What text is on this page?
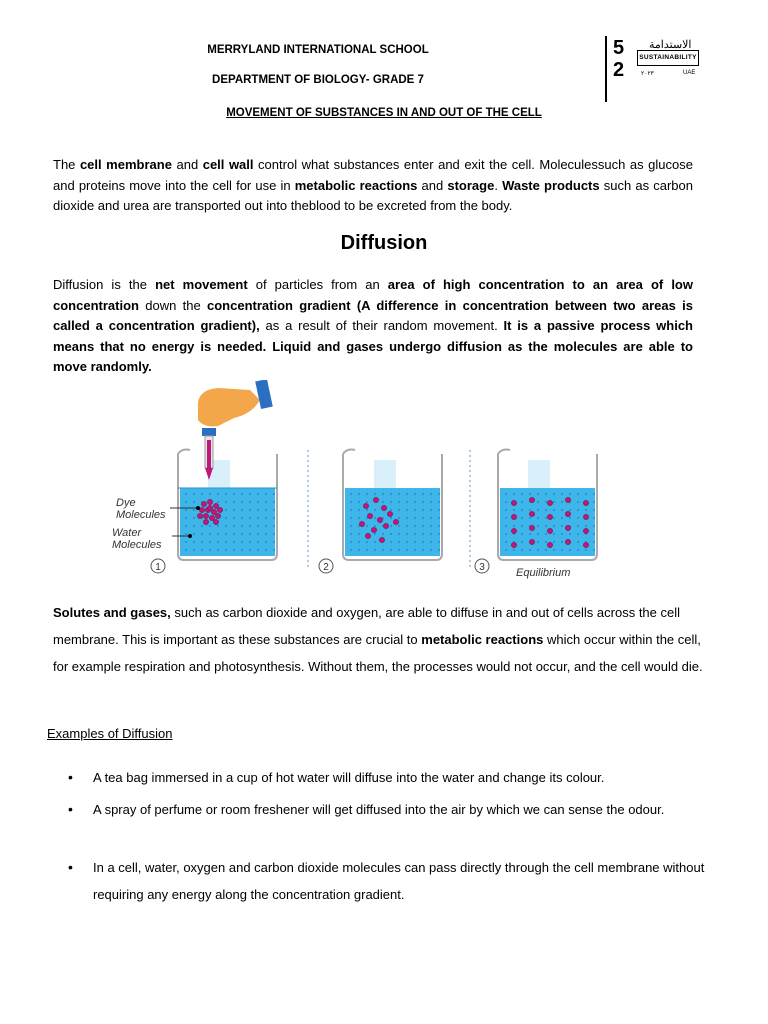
MERRYLAND INTERNATIONAL SCHOOL
DEPARTMENT OF BIOLOGY- GRADE 7
MOVEMENT OF SUBSTANCES IN AND OUT OF THE CELL
5
2
الاستدامة
SUSTAINABILITY
٢٠٢٣	UAE
The cell membrane and cell wall control what substances enter and exit the cell. Moleculessuch as glucose and proteins move into the cell for use in metabolic reactions and storage. Waste products such as carbon dioxide and urea are transported out into theblood to be excreted from the body.
Diffusion
Diffusion is the net movement of particles from an area of high concentration to an area of low concentration down the concentration gradient (A difference in concentration between two areas is called a concentration gradient), as a result of their random movement. It is a passive process which means that no energy is needed. Liquid and gases undergo diffusion as the molecules are able to move randomly.
Dye
Molecules
Water
Molecules
1	2	3	Equilibrium
Solutes and gases, such as carbon dioxide and oxygen, are able to diffuse in and out of cells across the cell membrane. This is important as these substances are crucial to metabolic reactions which occur within the cell, for example respiration and photosynthesis. Without them, the processes would not occur, and the cell would die.
Examples of Diffusion
•	A tea bag immersed in a cup of hot water will diffuse into the water and change its colour.
•	A spray of perfume or room freshener will get diffused into the air by which we can sense the odour.
•	In a cell, water, oxygen and carbon dioxide molecules can pass directly through the cell membrane without requiring any energy along the concentration gradient.
